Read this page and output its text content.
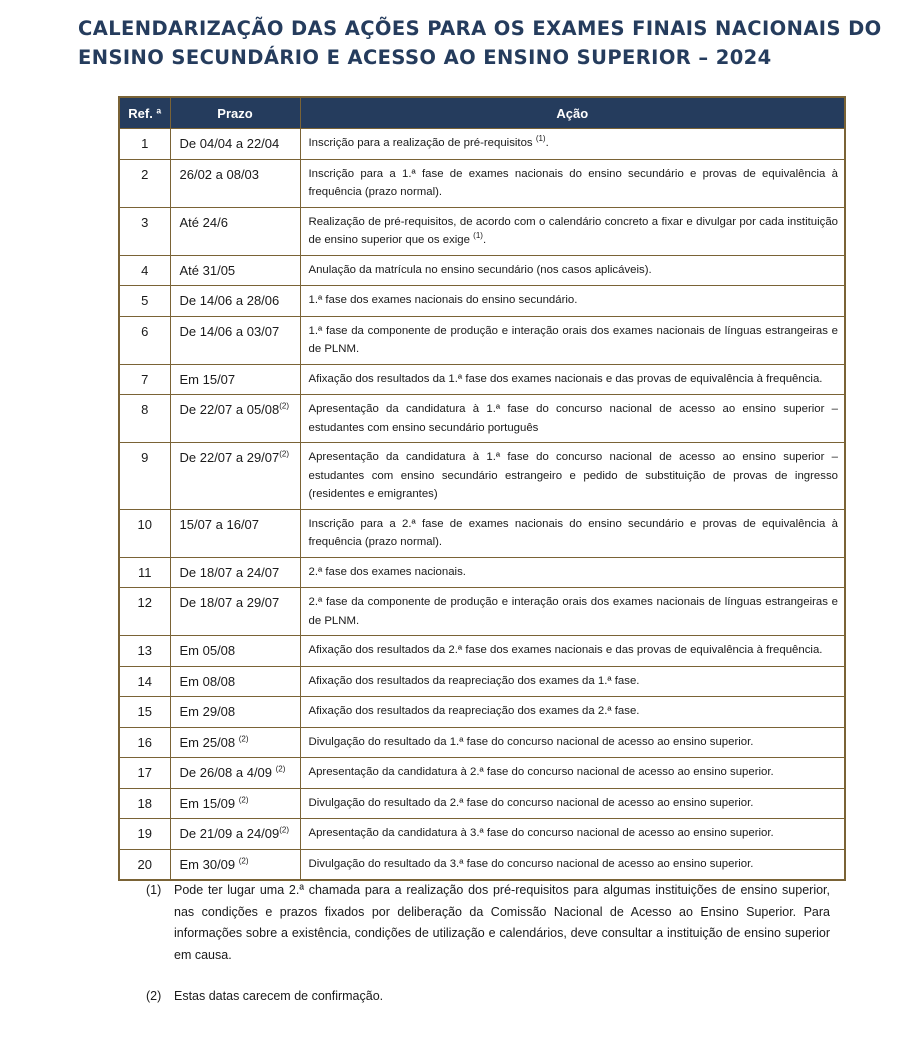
CALENDARIZAÇÃO DAS AÇÕES PARA OS EXAMES FINAIS NACIONAIS DO
ENSINO SECUNDÁRIO E ACESSO AO ENSINO SUPERIOR – 2024
Ref. ª	Prazo	Ação
1	De 04/04 a 22/04	Inscrição para a realização de pré-requisitos $^{(1)}$.
2	26/02 a 08/03	Inscrição para a 1.ª fase de exames nacionais do ensino secundário e provas de equivalência à frequência (prazo normal).
3	Até 24/6	Realização de pré-requisitos, de acordo com o calendário concreto a fixar e divulgar por cada instituição de ensino superior que os exige $^{(1)}$.
4	Até 31/05	Anulação da matrícula no ensino secundário (nos casos aplicáveis).
5	De 14/06 a 28/06	1.ª fase dos exames nacionais do ensino secundário.
6	De 14/06 a 03/07	1.ª fase da componente de produção e interação orais dos exames nacionais de línguas estrangeiras e de PLNM.
7	Em 15/07	Afixação dos resultados da 1.ª fase dos exames nacionais e das provas de equivalência à frequência.
8	De 22/07 a 05/08$^{(2)}$	Apresentação da candidatura à 1.ª fase do concurso nacional de acesso ao ensino superior – estudantes com ensino secundário português
9	De 22/07 a 29/07$^{(2)}$	Apresentação da candidatura à 1.ª fase do concurso nacional de acesso ao ensino superior – estudantes com ensino secundário estrangeiro e pedido de substituição de provas de ingresso (residentes e emigrantes)
10	15/07 a 16/07	Inscrição para a 2.ª fase de exames nacionais do ensino secundário e provas de equivalência à frequência (prazo normal).
11	De 18/07 a 24/07	2.ª fase dos exames nacionais.
12	De 18/07 a 29/07	2.ª fase da componente de produção e interação orais dos exames nacionais de línguas estrangeiras e de PLNM.
13	Em 05/08	Afixação dos resultados da 2.ª fase dos exames nacionais e das provas de equivalência à frequência.
14	Em 08/08	Afixação dos resultados da reapreciação dos exames da 1.ª fase.
15	Em 29/08	Afixação dos resultados da reapreciação dos exames da 2.ª fase.
16	Em 25/08 $^{(2)}$	Divulgação do resultado da 1.ª fase do concurso nacional de acesso ao ensino superior.
17	De 26/08 a 4/09 $^{(2)}$	Apresentação da candidatura à 2.ª fase do concurso nacional de acesso ao ensino superior.
18	Em 15/09 $^{(2)}$	Divulgação do resultado da 2.ª fase do concurso nacional de acesso ao ensino superior.
19	De 21/09 a 24/09$^{(2)}$	Apresentação da candidatura à 3.ª fase do concurso nacional de acesso ao ensino superior.
20	Em 30/09 $^{(2)}$	Divulgação do resultado da 3.ª fase do concurso nacional de acesso ao ensino superior.
(1)	Pode ter lugar uma 2.ª chamada para a realização dos pré-requisitos para algumas instituições de ensino superior, nas condições e prazos fixados por deliberação da Comissão Nacional de Acesso ao Ensino Superior. Para informações sobre a existência, condições de utilização e calendários, deve consultar a instituição de ensino superior em causa.
(2)	Estas datas carecem de confirmação.
